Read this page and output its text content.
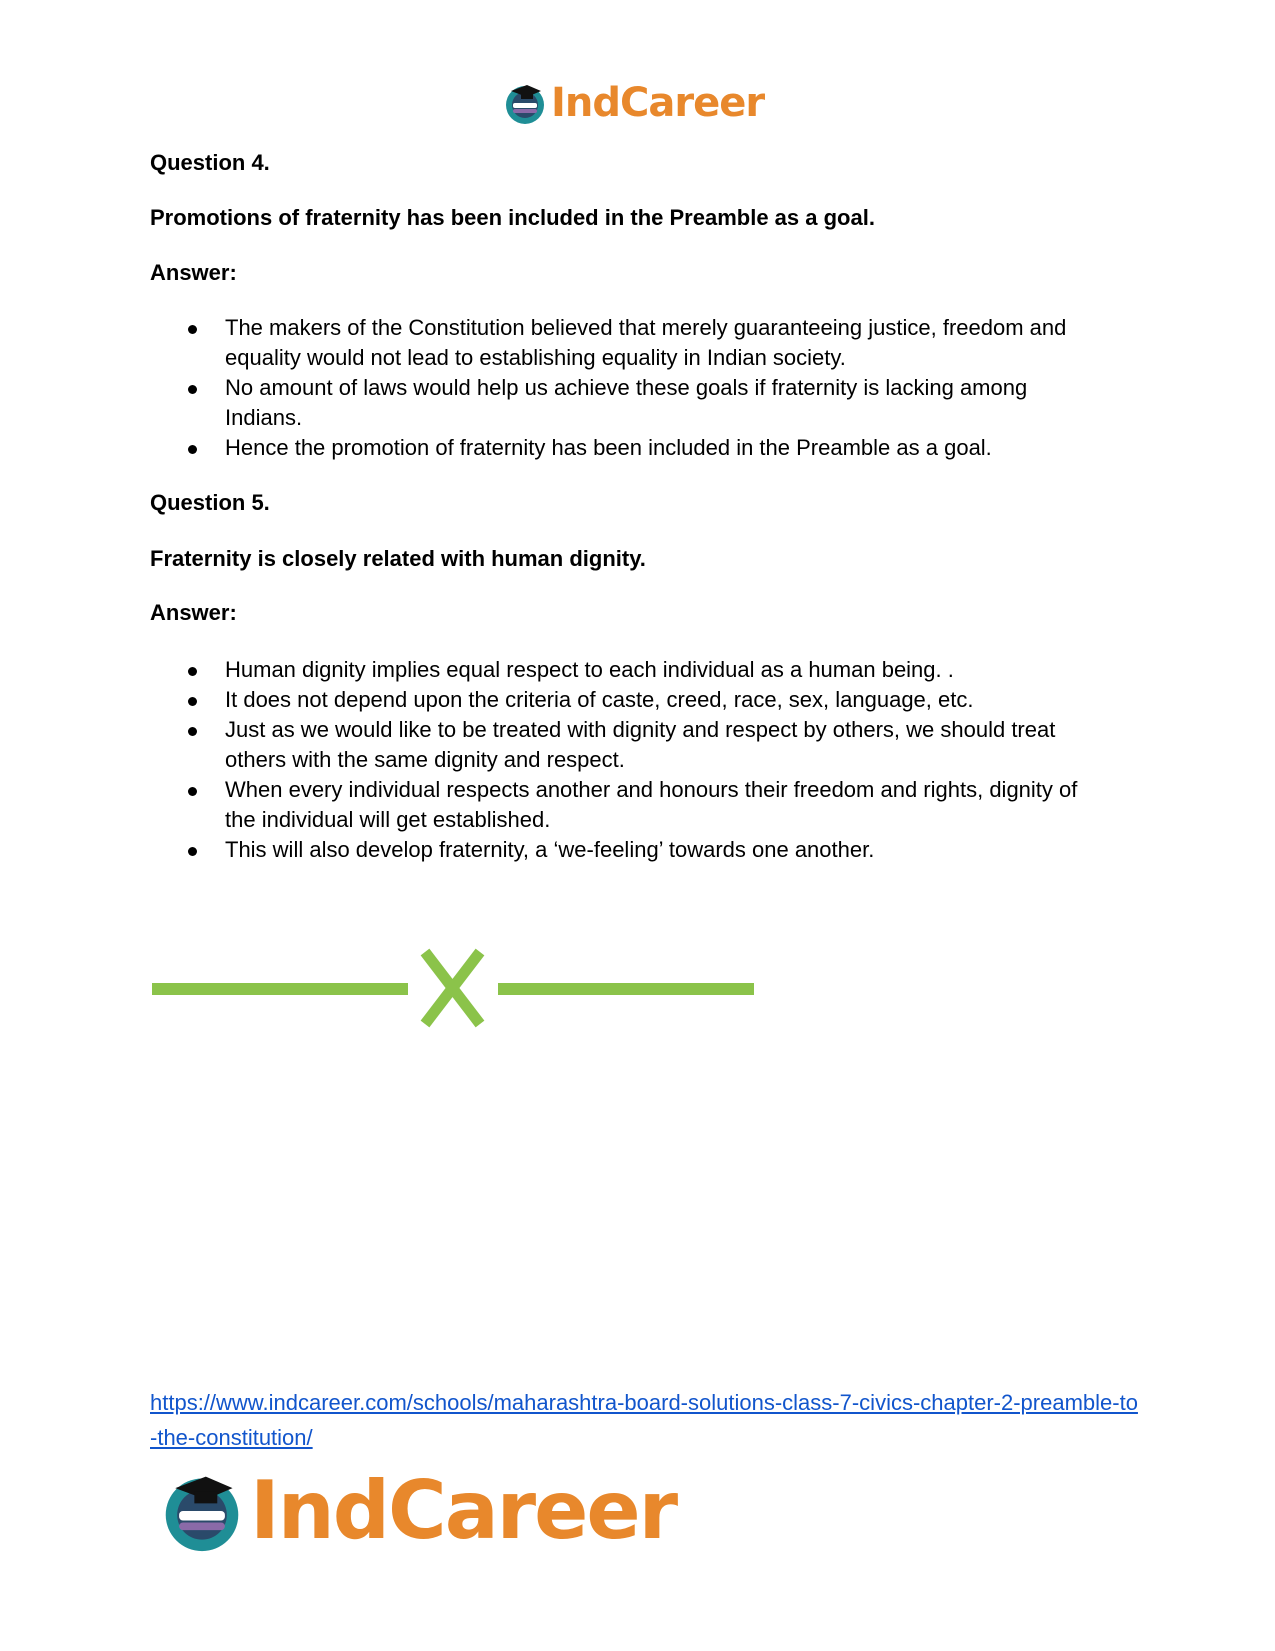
IndCareer
Question 4.
Promotions of fraternity has been included in the Preamble as a goal.
Answer:
The makers of the Constitution believed that merely guaranteeing justice, freedom and equality would not lead to establishing equality in Indian society.
No amount of laws would help us achieve these goals if fraternity is lacking among Indians.
Hence the promotion of fraternity has been included in the Preamble as a goal.
Question 5.
Fraternity is closely related with human dignity.
Answer:
Human dignity implies equal respect to each individual as a human being. .
It does not depend upon the criteria of caste, creed, race, sex, language, etc.
Just as we would like to be treated with dignity and respect by others, we should treat others with the same dignity and respect.
When every individual respects another and honours their freedom and rights, dignity of the individual will get established.
This will also develop fraternity, a ‘we-feeling’ towards one another.
https://www.indcareer.com/schools/maharashtra-board-solutions-class-7-civics-chapter-2-preamble-to-the-constitution/
IndCareer
